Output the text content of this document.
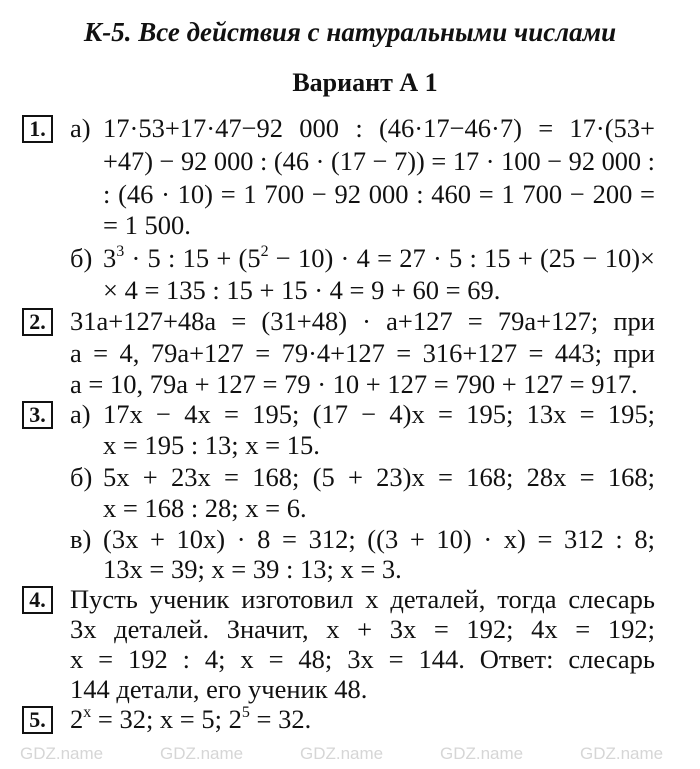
GDZ.name	GDZ.name	GDZ.name	GDZ.name	GDZ.name
К-5. Все действия с натуральными числами
Вариант А 1
1. а) 17·53+17·47−92 000 : (46·17−46·7) = 17·(53+
+47) − 92 000 : (46 · (17 − 7)) = 17 · 100 − 92 000 :
: (46 · 10) = 1 700 − 92 000 : 460 = 1 700 − 200 =
= 1 500.
б) $3^3 \cdot 5$ : $15 + (5^2 - 10) \cdot 4 = 27 \cdot 5$ : 15 + (25 − 10)×
× 4 = 135 : 15 + 15 · 4 = 9 + 60 = 69.
2. 31a+127+48a = (31+48) · a+127 = 79a+127; при
a = 4, 79a+127 = 79·4+127 = 316+127 = 443; при
a = 10, 79a + 127 = 79 · 10 + 127 = 790 + 127 = 917.
3. а) 17x − 4x = 195; (17 − 4)x = 195; 13x = 195;
x = 195 : 13; x = 15.
б) 5x + 23x = 168; (5 + 23)x = 168; 28x = 168;
x = 168 : 28; x = 6.
в) (3x + 10x) · 8 = 312; ((3 + 10) · x) = 312 : 8;
13x = 39; x = 39 : 13; x = 3.
4. Пусть ученик изготовил x деталей, тогда слесарь
3x деталей. Значит, x + 3x = 192; 4x = 192;
x = 192 : 4; x = 48; 3x = 144. Ответ: слесарь
144 детали, его ученик 48.
5. $2^x = 32$; x = 5; $2^5 = 32$.
